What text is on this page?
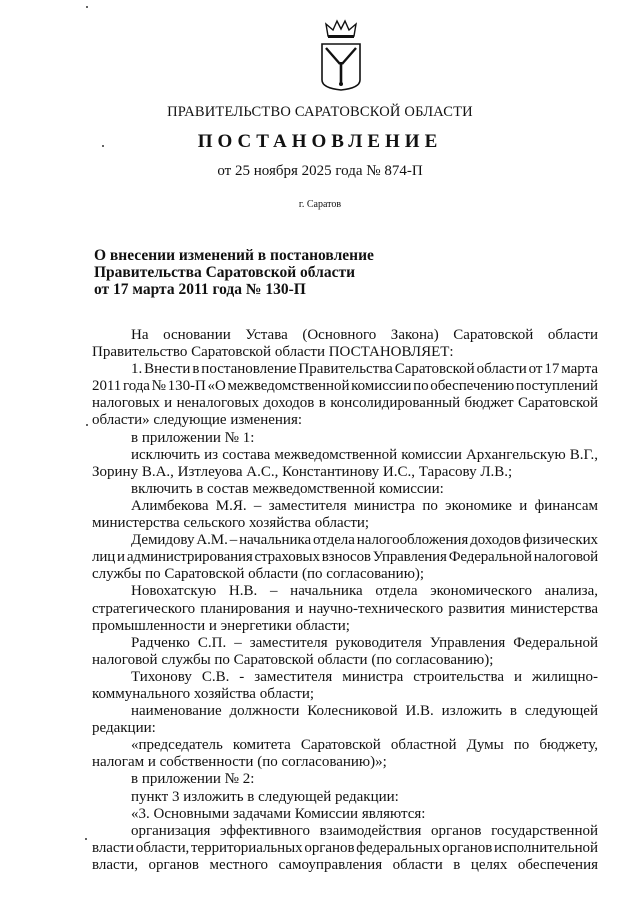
ПРАВИТЕЛЬСТВО САРАТОВСКОЙ ОБЛАСТИ
ПОСТАНОВЛЕНИЕ
от 25 ноября 2025 года № 874-П
г. Саратов
О внесении изменений в постановление
Правительства Саратовской области
от 17 марта 2011 года № 130-П
На основании Устава (Основного Закона) Саратовской области
Правительство Саратовской области ПОСТАНОВЛЯЕТ:
1. Внести в постановление Правительства Саратовской области от 17 марта
2011 года № 130-П «О межведомственной комиссии по обеспечению поступлений
налоговых и неналоговых доходов в консолидированный бюджет Саратовской
области» следующие изменения:
в приложении № 1:
исключить из состава межведомственной комиссии Архангельскую В.Г.,
Зорину В.А., Изтлеуова А.С., Константинову И.С., Тарасову Л.В.;
включить в состав межведомственной комиссии:
Алимбекова М.Я. – заместителя министра по экономике и финансам
министерства сельского хозяйства области;
Демидову А.М. – начальника отдела налогообложения доходов физических
лиц и администрирования страховых взносов Управления Федеральной налоговой
службы по Саратовской области (по согласованию);
Новохатскую Н.В. – начальника отдела экономического анализа,
стратегического планирования и научно-технического развития министерства
промышленности и энергетики области;
Радченко С.П. – заместителя руководителя Управления Федеральной
налоговой службы по Саратовской области (по согласованию);
Тихонову С.В. - заместителя министра строительства и жилищно-
коммунального хозяйства области;
наименование должности Колесниковой И.В. изложить в следующей
редакции:
«председатель комитета Саратовской областной Думы по бюджету,
налогам и собственности (по согласованию)»;
в приложении № 2:
пункт 3 изложить в следующей редакции:
«3. Основными задачами Комиссии являются:
организация эффективного взаимодействия органов государственной
власти области, территориальных органов федеральных органов исполнительной
власти, органов местного самоуправления области в целях обеспечения
